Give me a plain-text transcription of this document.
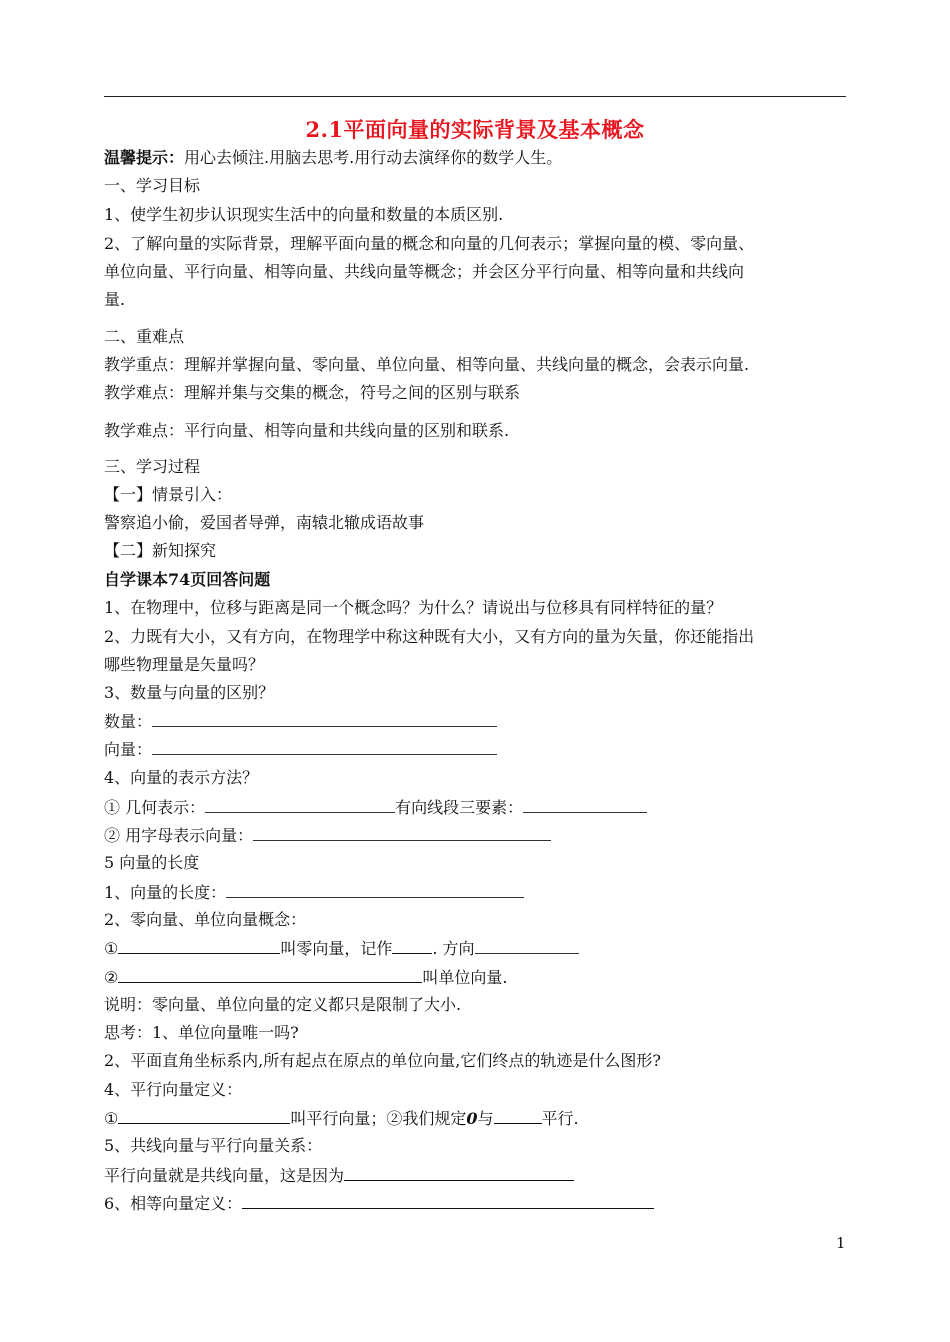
2.1平面向量的实际背景及基本概念
温馨提示：用心去倾注.用脑去思考.用行动去演绎你的数学人生。
一、学习目标
1、使学生初步认识现实生活中的向量和数量的本质区别.
2、了解向量的实际背景，理解平面向量的概念和向量的几何表示；掌握向量的模、零向量、
单位向量、平行向量、相等向量、共线向量等概念；并会区分平行向量、相等向量和共线向
量.
二、重难点
教学重点：理解并掌握向量、零向量、单位向量、相等向量、共线向量的概念，会表示向量.
教学难点：理解并集与交集的概念，符号之间的区别与联系
教学难点：平行向量、相等向量和共线向量的区别和联系.
三、学习过程
【一】情景引入：
警察追小偷，爱国者导弹，南辕北辙成语故事
【二】新知探究
自学课本74页回答问题
1、在物理中，位移与距离是同一个概念吗？为什么？请说出与位移具有同样特征的量？
2、力既有大小，又有方向，在物理学中称这种既有大小，又有方向的量为矢量，你还能指出
哪些物理量是矢量吗？
3、数量与向量的区别？
数量：
向量：
4、向量的表示方法？
① 几何表示：	有向线段三要素：
② 用字母表示向量：
5 向量的长度
1、向量的长度：
2、零向量、单位向量概念：
①	叫零向量，记作	. 方向
②	叫单位向量.
说明：零向量、单位向量的定义都只是限制了大小.
思考：1、单位向量唯一吗?
2、平面直角坐标系内,所有起点在原点的单位向量,它们终点的轨迹是什么图形?
4、平行向量定义：
①	叫平行向量；②我们规定0与	平行.
5、共线向量与平行向量关系：
平行向量就是共线向量，这是因为
6、相等向量定义：
1
